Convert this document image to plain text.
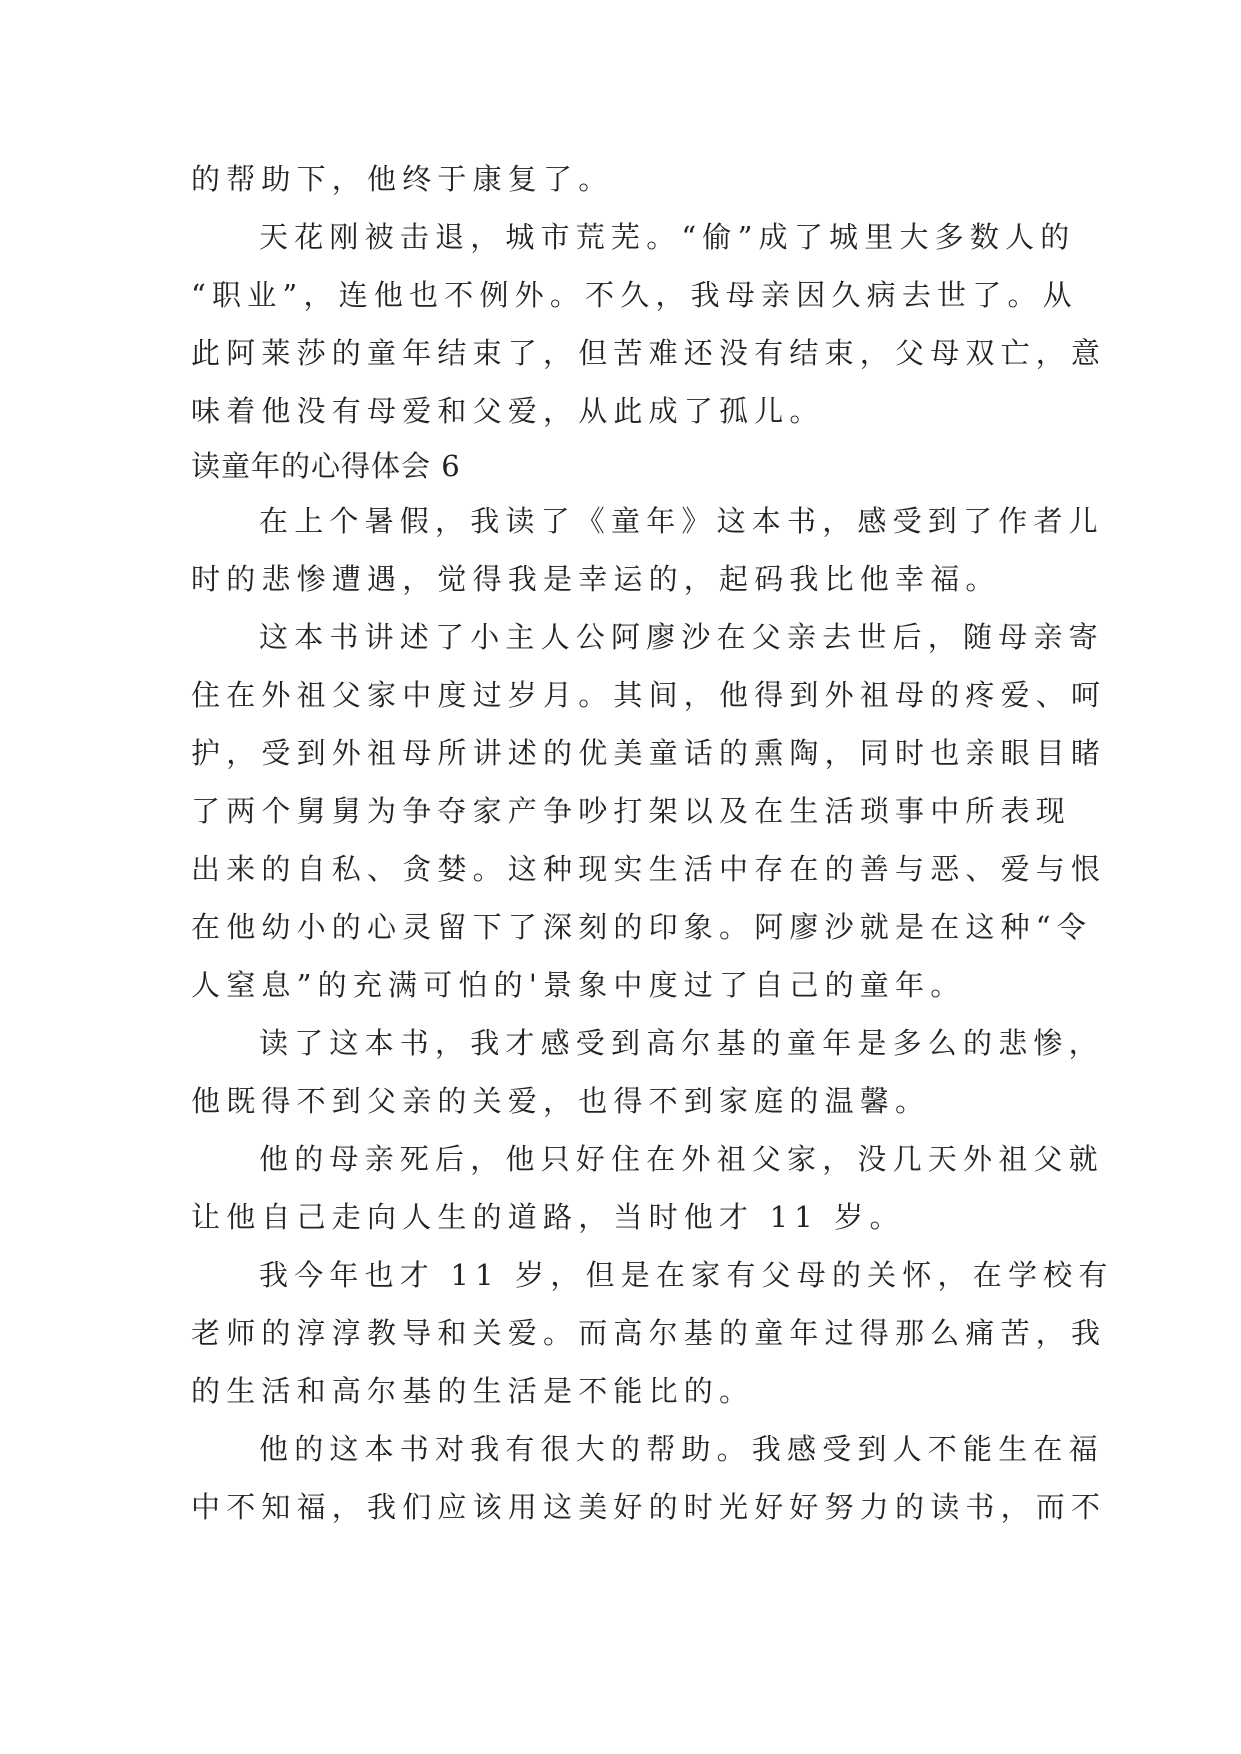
的帮助下，他终于康复了。
天花刚被击退，城市荒芜。“偷”成了城里大多数人的
“职业”，连他也不例外。不久，我母亲因久病去世了。从
此阿莱莎的童年结束了，但苦难还没有结束，父母双亡，意
味着他没有母爱和父爱，从此成了孤儿。
读童年的心得体会 6
在上个暑假，我读了《童年》这本书，感受到了作者儿
时的悲惨遭遇，觉得我是幸运的，起码我比他幸福。
这本书讲述了小主人公阿廖沙在父亲去世后，随母亲寄
住在外祖父家中度过岁月。其间，他得到外祖母的疼爱、呵
护，受到外祖母所讲述的优美童话的熏陶，同时也亲眼目睹
了两个舅舅为争夺家产争吵打架以及在生活琐事中所表现
出来的自私、贪婪。这种现实生活中存在的善与恶、爱与恨
在他幼小的心灵留下了深刻的印象。阿廖沙就是在这种“令
人窒息”的充满可怕的'景象中度过了自己的童年。
读了这本书，我才感受到高尔基的童年是多么的悲惨，
他既得不到父亲的关爱，也得不到家庭的温馨。
他的母亲死后，他只好住在外祖父家，没几天外祖父就
让他自己走向人生的道路，当时他才 11 岁。
我今年也才 11 岁，但是在家有父母的关怀，在学校有
老师的淳淳教导和关爱。而高尔基的童年过得那么痛苦，我
的生活和高尔基的生活是不能比的。
他的这本书对我有很大的帮助。我感受到人不能生在福
中不知福，我们应该用这美好的时光好好努力的读书，而不
